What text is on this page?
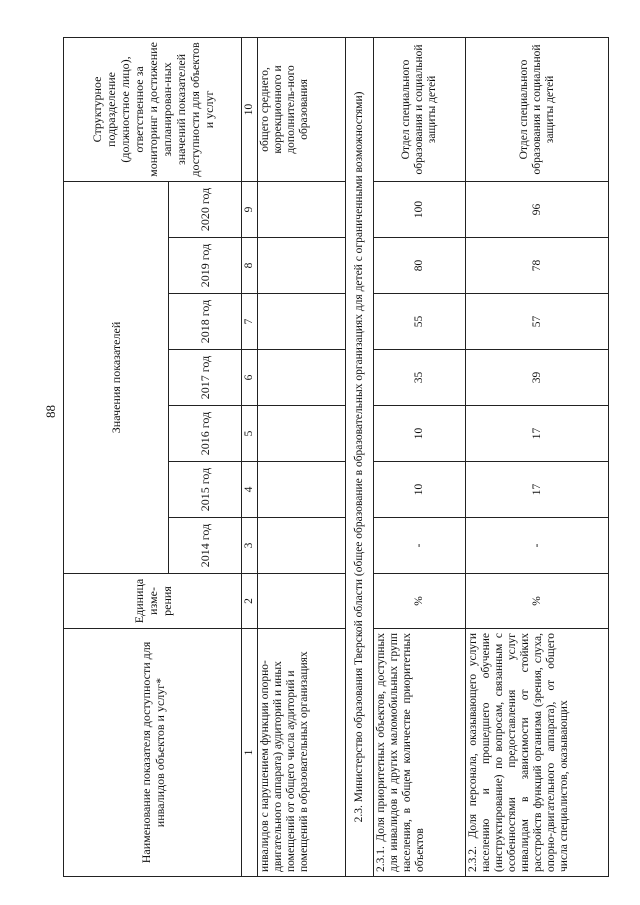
88
Наименование показателя доступности для инвалидов объектов и услуг*	Единица изме-рения	Значения показателей							Структурное подразделение (должностное лицо), ответственное за мониторинг и достижение запланирован-ных значений показателей доступности для объектов и услуг
		2014 год	2015 год	2016 год	2017 год	2018 год	2019 год	2020 год	
1	2	3	4	5	6	7	8	9	10
инвалидов с нарушением функции опорно-двигательного аппарата) аудиторий и иных помещений от общего числа аудиторий и помещений в образовательных организациях									общего среднего, коррекционного и дополнитель-ного образования
2.3. Министерство образования Тверской области (общее образование в образовательных организациях для детей с ограниченными возможностями)									
2.3.1. Доля приоритетных объектов, доступных для инвалидов и других маломобильных групп населения, в общем количестве приоритетных объектов	%	-	10	10	35	55	80	100	Отдел специального образования и социальной защиты детей
2.3.2. Доля персонала, оказывающего услуги населению и прошедшего обучение (инструктирование) по вопросам, связанным с особенностями предоставления услуг инвалидам в зависимости от стойких расстройств функций организма (зрения, слуха, опорно-двигательного аппарата), от общего числа специалистов, оказывающих	%	-	17	17	39	57	78	96	Отдел специального образования и социальной защиты детей
